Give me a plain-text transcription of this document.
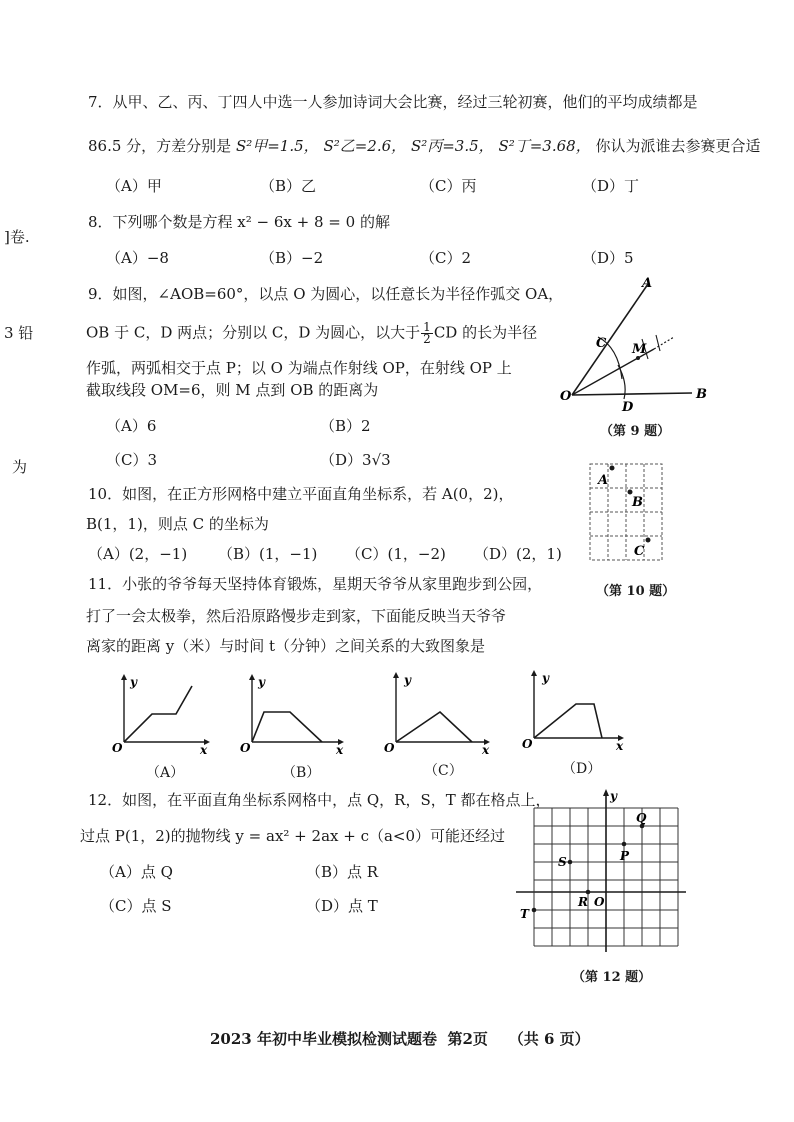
]卷.
3 铅
为
7．从甲、乙、丙、丁四人中选一人参加诗词大会比赛，经过三轮初赛，他们的平均成绩都是
86.5 分，方差分别是 S²甲=1.5， S²乙=2.6， S²丙=3.5， S²丁=3.68， 你认为派谁去参赛更合适
（A）甲	（B）乙	（C）丙	（D）丁
8．下列哪个数是方程 x² − 6x + 8 = 0 的解
（A）−8	（B）−2	（C）2	（D）5
9．如图，∠AOB=60°，以点 O 为圆心，以任意长为半径作弧交 OA，
OB 于 C，D 两点；分别以 C，D 为圆心，以大于 $\frac{1}{2}$ CD 的长为半径
作弧，两弧相交于点 P；以 O 为端点作射线 OP，在射线 OP 上
截取线段 OM=6，则 M 点到 OB 的距离为
（A）6	（B）2
（C）3	（D）3√3
A
C M
O
D
B
（第 9 题）
10．如图，在正方形网格中建立平面直角坐标系，若 A(0，2)，
B(1，1)，则点 C 的坐标为
（A）(2，−1) （B）(1，−1) （C）(1，−2) （D）(2，1)
A
B
C
（第 10 题）
11．小张的爷爷每天坚持体育锻炼，星期天爷爷从家里跑步到公园，
打了一会太极拳，然后沿原路慢步走到家，下面能反映当天爷爷
离家的距离 y（米）与时间 t（分钟）之间关系的大致图象是
y
x
O
（A）
y
x
O
（B）
y
x
O
（C）
y
x
O
（D）
12．如图，在平面直角坐标系网格中，点 Q，R，S，T 都在格点上，
过点 P(1，2)的抛物线 y = ax² + 2ax + c（a<0）可能还经过
（A）点 Q	（B）点 R
（C）点 S	（D）点 T
y
Q
P
S
R O
T
（第 12 题）
2023 年初中毕业模拟检测试题卷 第2页 （共 6 页）
